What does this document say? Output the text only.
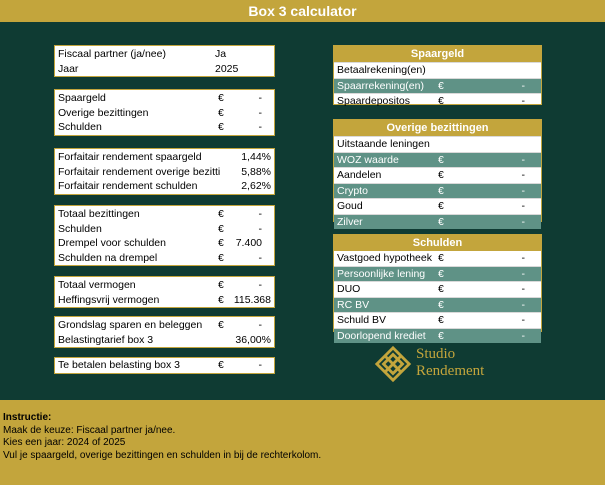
Box 3 calculator
Fiscaal partner (ja/nee)	Ja
Jaar	2025
Spaargeld	€	-
Overige bezittingen	€	-
Schulden	€	-
Forfaitair rendement spaargeld	1,44%
Forfaitair rendement overige bezitti 5,88%
Forfaitair rendement schulden	2,62%
Totaal bezittingen	€	-
Schulden	€	-
Drempel voor schulden	€ 7.400
Schulden na drempel	€	-
Totaal vermogen	€	-
Heffingsvrij vermogen	€ 115.368
Grondslag sparen en beleggen €	-
Belastingtarief box 3	36,00%
Te betalen belasting box 3	€	-
Spaargeld
Betaalrekening(en)
Spaarrekening(en) €	-
Spaardepositos	€	-
Overige bezittingen
Uitstaande leningen
WOZ waarde	€	-
Aandelen	€	-
Crypto	€	-
Goud	€	-
Zilver	€	-
Schulden
Vastgoed hypotheek €	-
Persoonlijke lening €	-
DUO	€	-
RC BV	€	-
Schuld BV	€	-
Doorlopend krediet €	-
Studio
Rendement
Instructie:
Maak de keuze: Fiscaal partner ja/nee.
Kies een jaar: 2024 of 2025
Vul je spaargeld, overige bezittingen en schulden in bij de rechterkolom.
